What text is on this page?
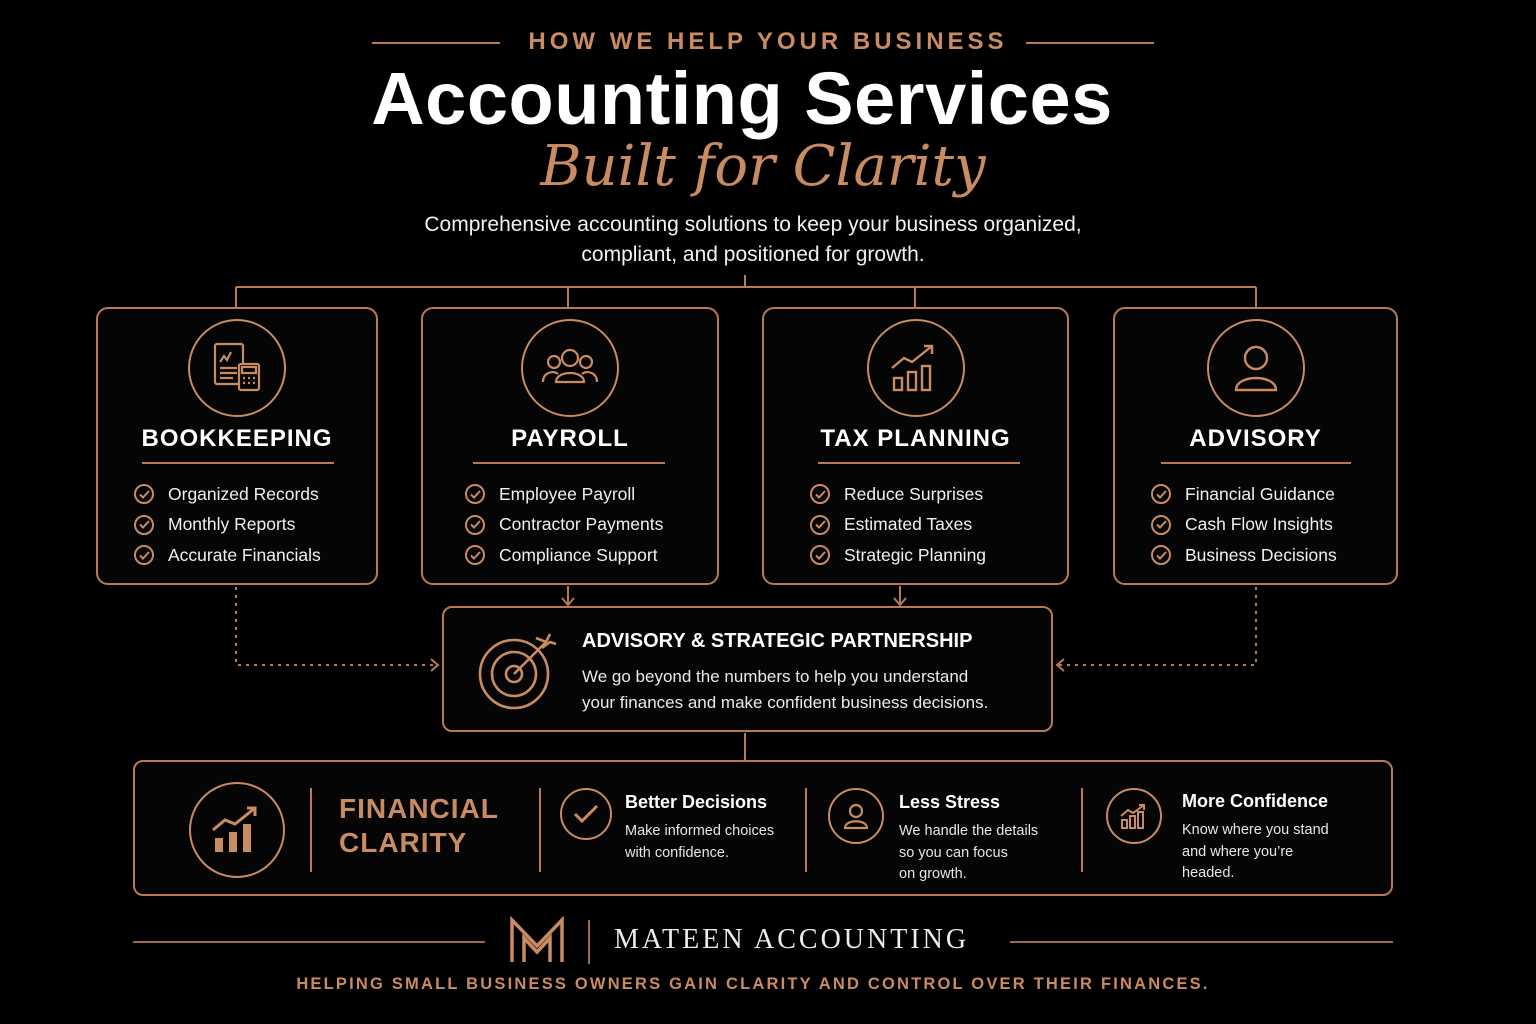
HOW WE HELP YOUR BUSINESS
Accounting Services
Built for Clarity
Comprehensive accounting solutions to keep your business organized,
compliant, and positioned for growth.
BOOKKEEPING
Organized Records
Monthly Reports
Accurate Financials
PAYROLL
Employee Payroll
Contractor Payments
Compliance Support
TAX PLANNING
Reduce Surprises
Estimated Taxes
Strategic Planning
ADVISORY
Financial Guidance
Cash Flow Insights
Business Decisions
ADVISORY & STRATEGIC PARTNERSHIP
We go beyond the numbers to help you understand
your finances and make confident business decisions.
FINANCIAL
CLARITY
Better Decisions
Make informed choices
with confidence.
Less Stress
We handle the details
so you can focus
on growth.
More Confidence
Know where you stand
and where you’re
headed.
MATEEN ACCOUNTING
HELPING SMALL BUSINESS OWNERS GAIN CLARITY AND CONTROL OVER THEIR FINANCES.
